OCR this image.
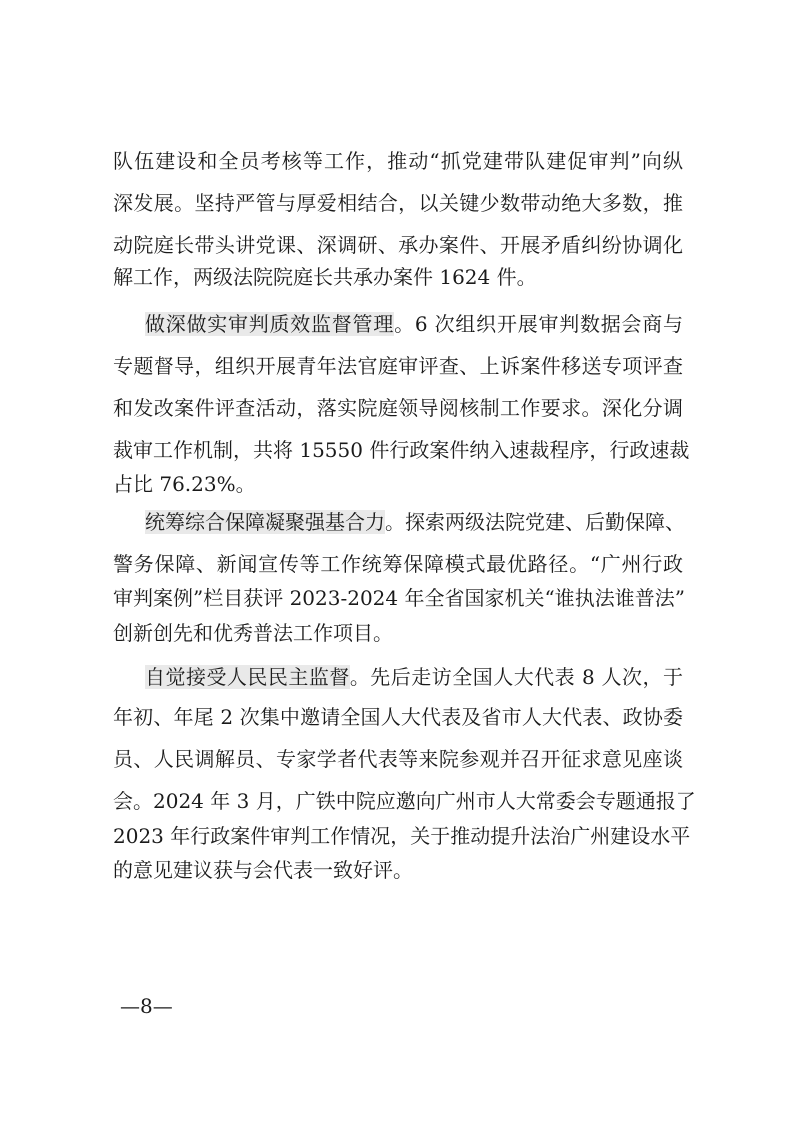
队伍建设和全员考核等工作，推动“抓党建带队建促审判”向纵
深发展。坚持严管与厚爱相结合，以关键少数带动绝大多数，推
动院庭长带头讲党课、深调研、承办案件、开展矛盾纠纷协调化
解工作，两级法院院庭长共承办案件 1624 件。
做深做实审判质效监督管理。6 次组织开展审判数据会商与
专题督导，组织开展青年法官庭审评查、上诉案件移送专项评查
和发改案件评查活动，落实院庭领导阅核制工作要求。深化分调
裁审工作机制，共将 15550 件行政案件纳入速裁程序，行政速裁
占比 76.23%。
统筹综合保障凝聚强基合力。探索两级法院党建、后勤保障、
警务保障、新闻宣传等工作统筹保障模式最优路径。“广州行政
审判案例”栏目获评 2023-2024 年全省国家机关“谁执法谁普法”
创新创先和优秀普法工作项目。
自觉接受人民民主监督。先后走访全国人大代表 8 人次，于
年初、年尾 2 次集中邀请全国人大代表及省市人大代表、政协委
员、人民调解员、专家学者代表等来院参观并召开征求意见座谈
会。2024 年 3 月，广铁中院应邀向广州市人大常委会专题通报了
2023 年行政案件审判工作情况，关于推动提升法治广州建设水平
的意见建议获与会代表一致好评。
—8—
